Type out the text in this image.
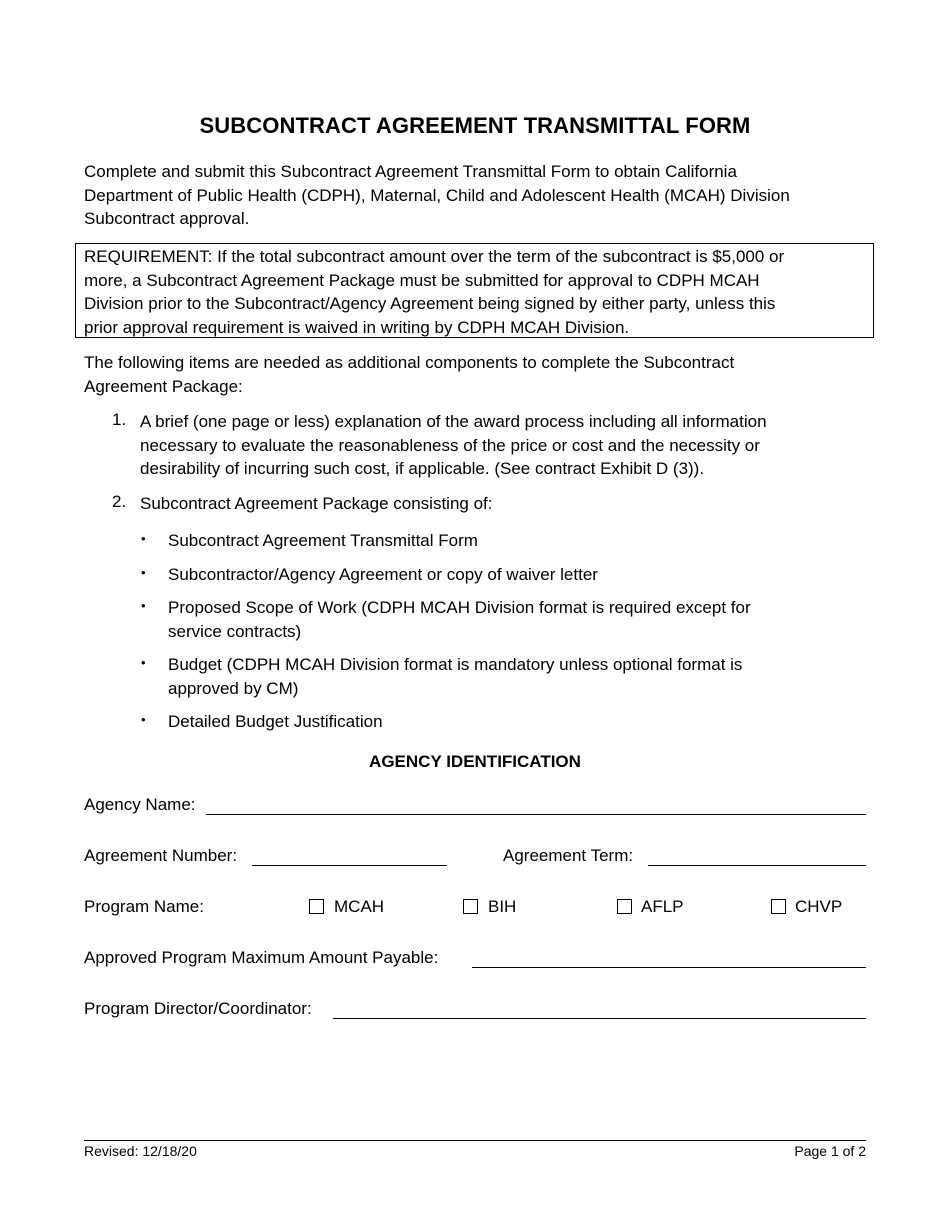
SUBCONTRACT AGREEMENT TRANSMITTAL FORM
Complete and submit this Subcontract Agreement Transmittal Form to obtain California
Department of Public Health (CDPH), Maternal, Child and Adolescent Health (MCAH) Division
Subcontract approval.
REQUIREMENT: If the total subcontract amount over the term of the subcontract is $5,000 or
more, a Subcontract Agreement Package must be submitted for approval to CDPH MCAH
Division prior to the Subcontract/Agency Agreement being signed by either party, unless this
prior approval requirement is waived in writing by CDPH MCAH Division.
The following items are needed as additional components to complete the Subcontract
Agreement Package:
1. A brief (one page or less) explanation of the award process including all information
necessary to evaluate the reasonableness of the price or cost and the necessity or
desirability of incurring such cost, if applicable. (See contract Exhibit D (3)).
2. Subcontract Agreement Package consisting of:
•	Subcontract Agreement Transmittal Form
•	Subcontractor/Agency Agreement or copy of waiver letter
•	Proposed Scope of Work (CDPH MCAH Division format is required except for
service contracts)
•	Budget (CDPH MCAH Division format is mandatory unless optional format is
approved by CM)
•	Detailed Budget Justification
AGENCY IDENTIFICATION
Agency Name:
Agreement Number:	Agreement Term:
Program Name:	MCAH	BIH	AFLP	CHVP
Approved Program Maximum Amount Payable:
Program Director/Coordinator:
Revised: 12/18/20	Page 1 of 2
